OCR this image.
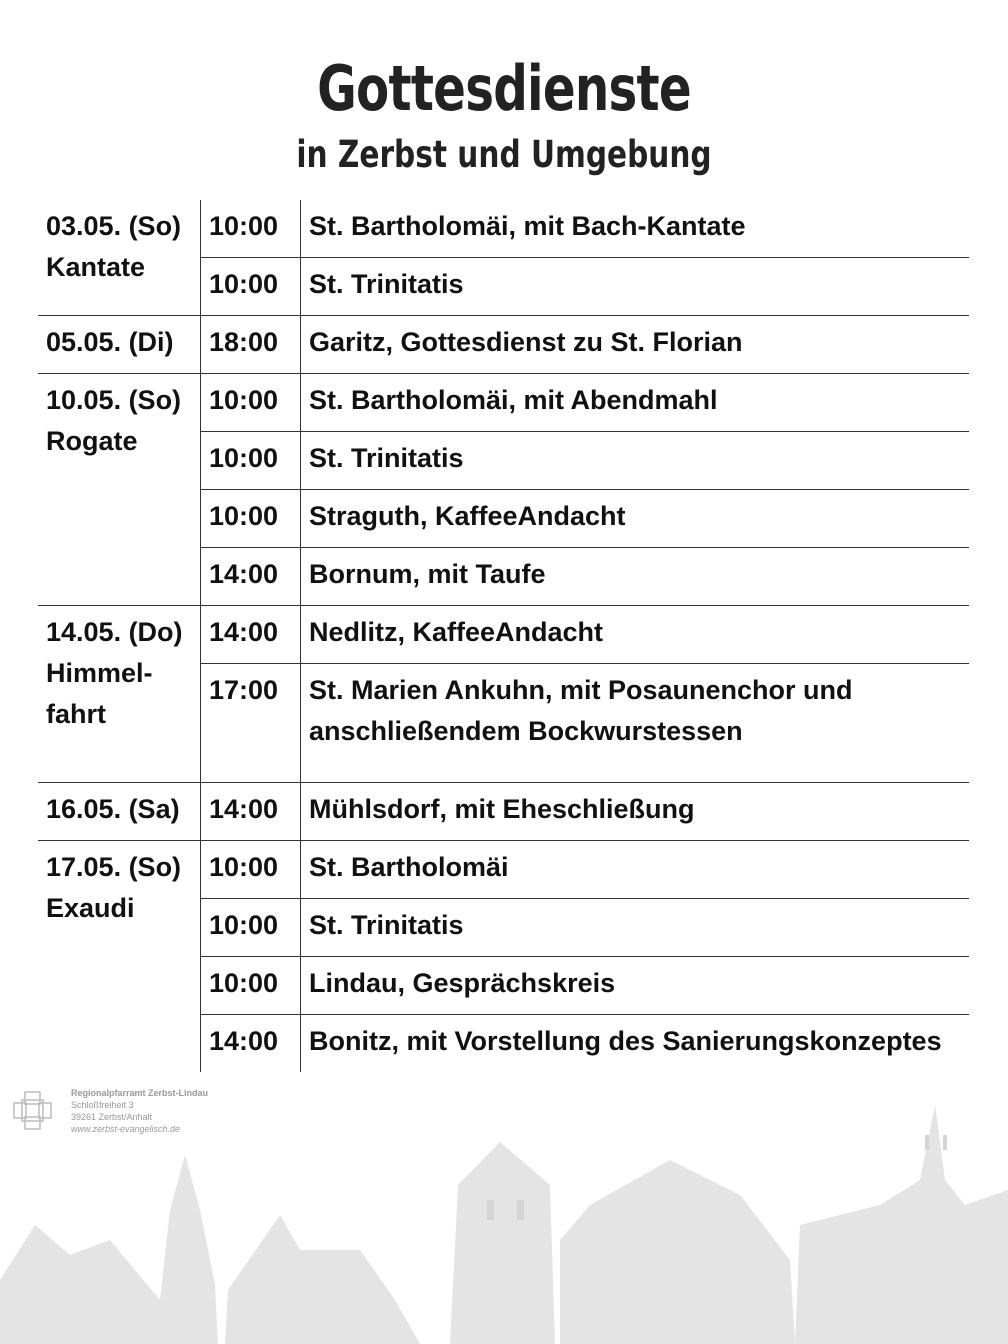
Gottesdienste
in Zerbst und Umgebung
03.05. (So)
Kantate	10:00	St. Bartholomäi, mit Bach-Kantate
	10:00	St. Trinitatis

05.05. (Di)	18:00	Garitz, Gottesdienst zu St. Florian

10.05. (So)
Rogate	10:00	St. Bartholomäi, mit Abendmahl
	10:00	St. Trinitatis
	10:00	Straguth, KaffeeAndacht
	14:00	Bornum, mit Taufe

14.05. (Do)
Himmel-
fahrt	14:00	Nedlitz, KaffeeAndacht
	17:00	St. Marien Ankuhn, mit Posaunenchor und
anschließendem Bockwurstessen

16.05. (Sa)	14:00	Mühlsdorf, mit Eheschließung

17.05. (So)
Exaudi	10:00	St. Bartholomäi
	10:00	St. Trinitatis
	10:00	Lindau, Gesprächskreis
	14:00	Bonitz, mit Vorstellung des Sanierungskonzeptes
Regionalpfarramt Zerbst-Lindau
Schloßfreiheit 3
39261 Zerbst/Anhalt
www.zerbst-evangelisch.de
